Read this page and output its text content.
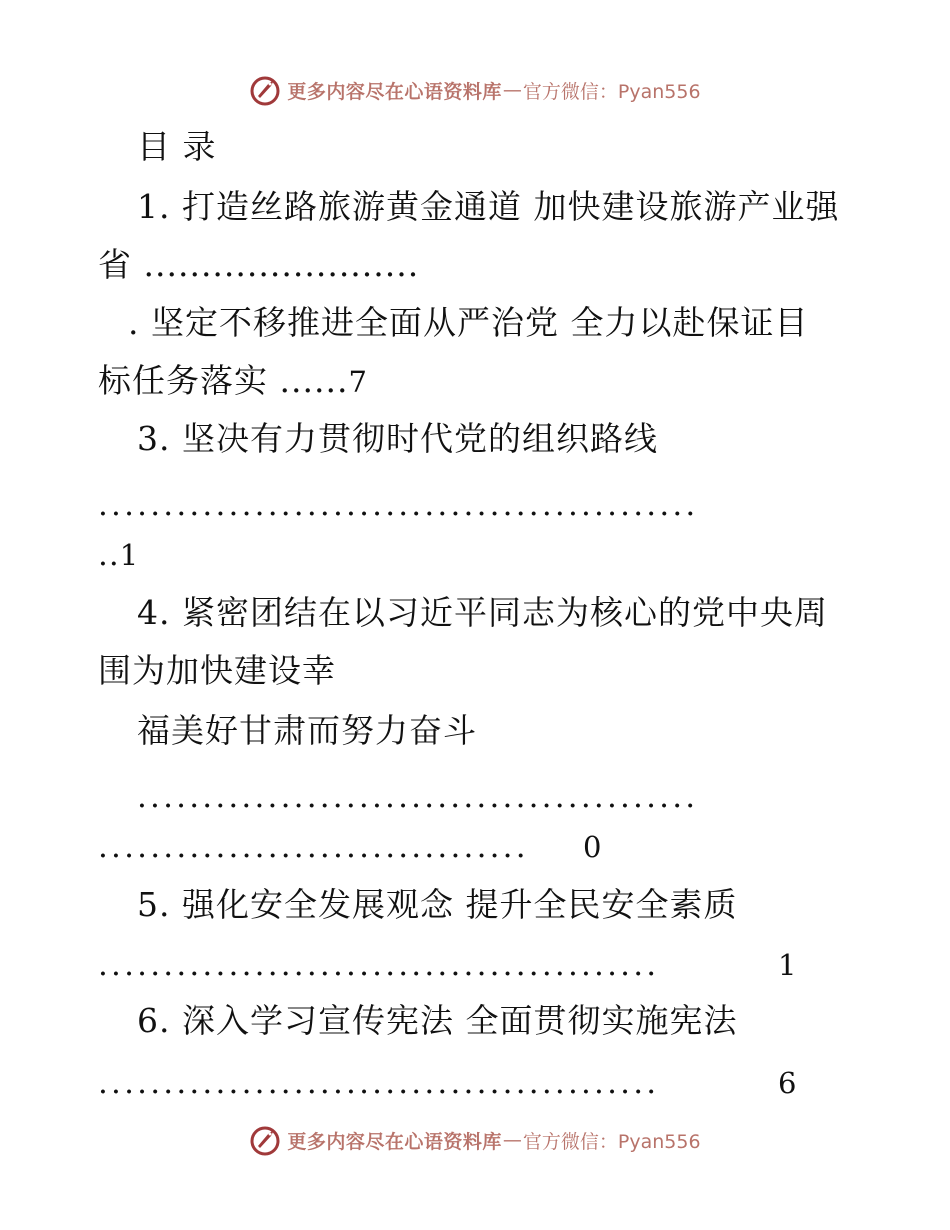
更多内容尽在心语资料库 — 官方微信：Pyan556
目 录
1. 打造丝路旅游黄金通道 加快建设旅游产业强
省 ........................
. 坚定不移推进全面从严治党 全力以赴保证目
标任务落实 ......7
3. 坚决有力贯彻时代党的组织路线
..............................................
..1
4. 紧密团结在以习近平同志为核心的党中央周
围为加快建设幸
福美好甘肃而努力奋斗
...........................................
................................. 0
5. 强化安全发展观念 提升全民安全素质
...........................................	1
6. 深入学习宣传宪法 全面贯彻实施宪法
...........................................	6
更多内容尽在心语资料库 — 官方微信：Pyan556
